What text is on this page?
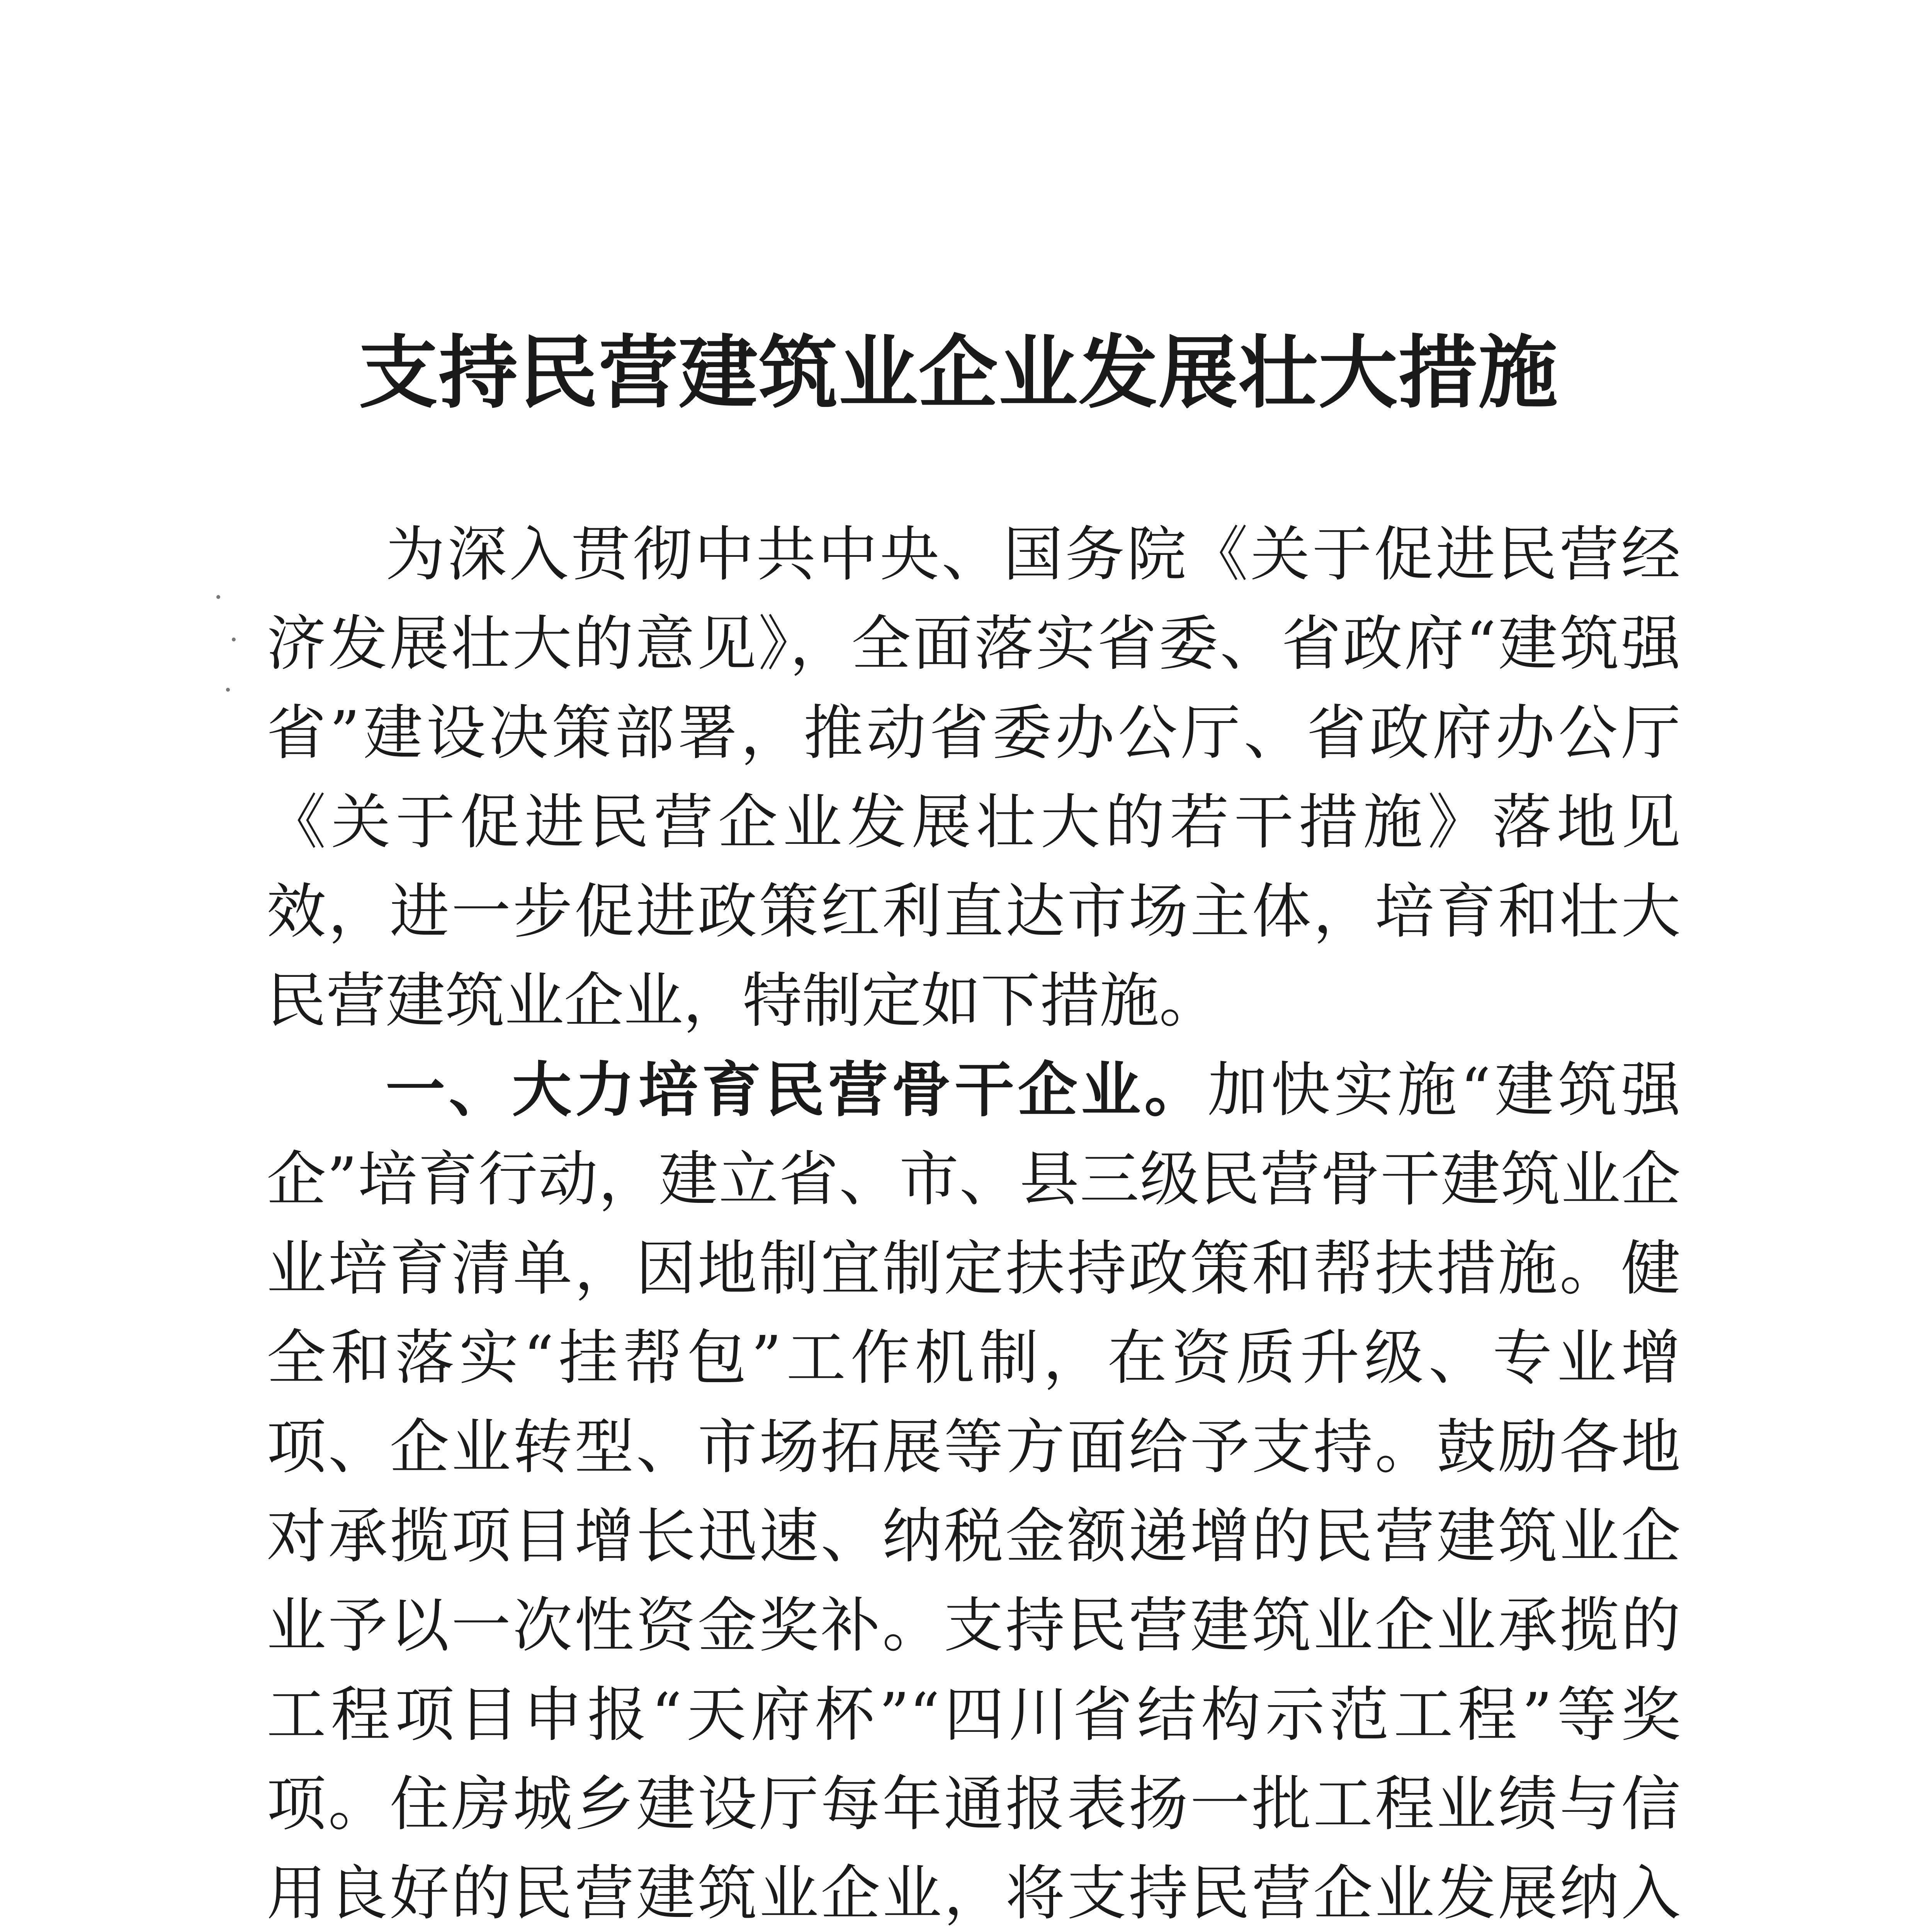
支持民营建筑业企业发展壮大措施

为深入贯彻中共中央、国务院《关于促进民营经济发展壮大的意见》，全面落实省委、省政府“建筑强省”建设决策部署，推动省委办公厅、省政府办公厅《关于促进民营企业发展壮大的若干措施》落地见效，进一步促进政策红利直达市场主体，培育和壮大民营建筑业企业，特制定如下措施。

一、大力培育民营骨干企业。加快实施“建筑强企”培育行动，建立省、市、县三级民营骨干建筑业企业培育清单，因地制宜制定扶持政策和帮扶措施。健全和落实“挂帮包”工作机制，在资质升级、专业增项、企业转型、市场拓展等方面给予支持。鼓励各地对承揽项目增长迅速、纳税金额递增的民营建筑业企业予以一次性资金奖补。支持民营建筑业企业承揽的工程项目申报“天府杯”“四川省结构示范工程”等奖项。住房城乡建设厅每年通报表扬一批工程业绩与信用良好的民营建筑业企业，将支持民营企业发展纳入
